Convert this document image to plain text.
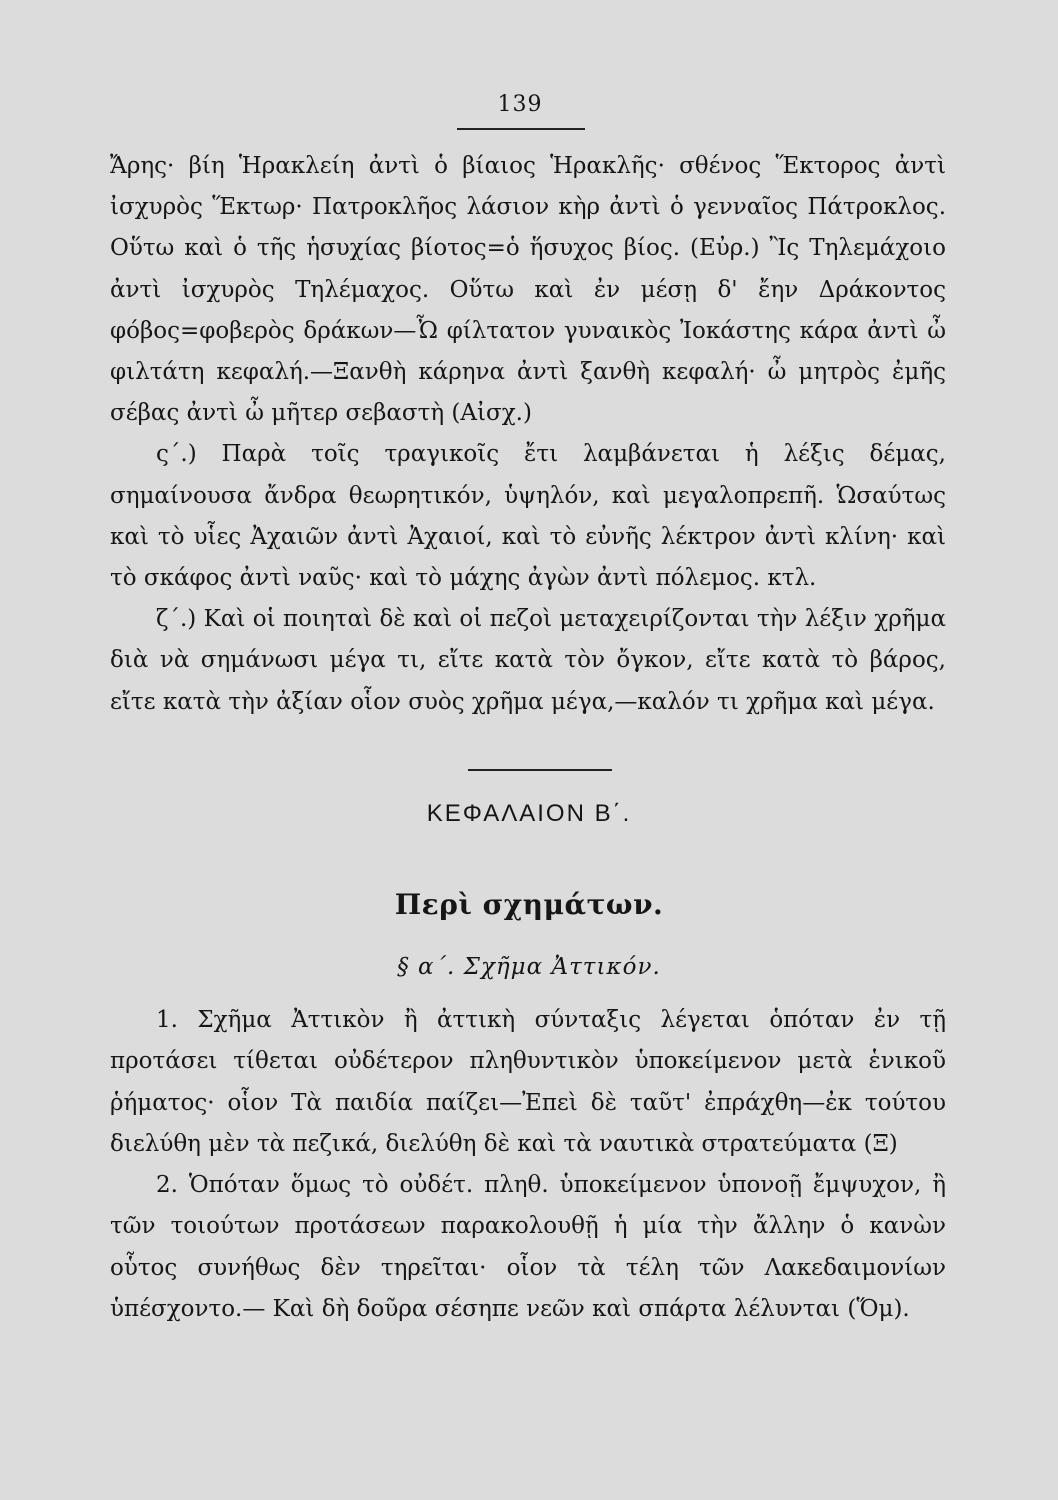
139

Ἄρης· βίη Ἡρακλείη ἀντὶ ὁ βίαιος Ἡρακλῆς· σθένος Ἕκτορος ἀντὶ ἰσχυρὸς Ἕκτωρ· Πατροκλῆος λάσιον κὴρ ἀντὶ ὁ γενναῖος Πάτροκλος. Οὕτω καὶ ὁ τῆς ἡσυχίας βίοτος=ὁ ἥσυχος βίος. (Εὐρ.) Ἲς Τηλεμάχοιο ἀντὶ ἰσχυρὸς Τηλέμαχος. Οὕτω καὶ ἐν μέσῃ δ' ἔην Δράκοντος φόβος=φοβερὸς δράκων—Ὦ φίλτατον γυναικὸς Ἰοκάστης κάρα ἀντὶ ὦ φιλτάτη κεφαλή.—Ξανθὴ κάρηνα ἀντὶ ξανθὴ κεφαλή· ὦ μητρὸς ἐμῆς σέβας ἀντὶ ὦ μῆτερ σεβαστὴ (Αἰσχ.)

ς΄.) Παρὰ τοῖς τραγικοῖς ἔτι λαμβάνεται ἡ λέξις δέμας, σημαίνουσα ἄνδρα θεωρητικόν, ὑψηλόν, καὶ μεγαλοπρεπῆ. Ὡσαύτως καὶ τὸ υἷες Ἀχαιῶν ἀντὶ Ἀχαιοί, καὶ τὸ εὐνῆς λέκτρον ἀντὶ κλίνη· καὶ τὸ σκάφος ἀντὶ ναῦς· καὶ τὸ μάχης ἀγὼν ἀντὶ πόλεμος. κτλ.

ζ΄.) Καὶ οἱ ποιηταὶ δὲ καὶ οἱ πεζοὶ μεταχειρίζονται τὴν λέξιν χρῆμα διὰ νὰ σημάνωσι μέγα τι, εἴτε κατὰ τὸν ὄγκον, εἴτε κατὰ τὸ βάρος, εἴτε κατὰ τὴν ἀξίαν οἷον συὸς χρῆμα μέγα,—καλόν τι χρῆμα καὶ μέγα.

ΚΕΦΑΛΑΙΟΝ Β΄.
Περὶ σχημάτων.
§ α΄. Σχῆμα Ἀττικόν.

1. Σχῆμα Ἀττικὸν ἢ ἀττικὴ σύνταξις λέγεται ὁπόταν ἐν τῇ προτάσει τίθεται οὐδέτερον πληθυντικὸν ὑποκείμενον μετὰ ἑνικοῦ ῥήματος· οἷον Τὰ παιδία παίζει—Ἐπεὶ δὲ ταῦτ' ἐπράχθη—ἐκ τούτου διελύθη μὲν τὰ πεζικά, διελύθη δὲ καὶ τὰ ναυτικὰ στρατεύματα (Ξ)

2. Ὁπόταν ὅμως τὸ οὐδέτ. πληθ. ὑποκείμενον ὑπονοῇ ἔμψυχον, ἢ τῶν τοιούτων προτάσεων παρακολουθῇ ἡ μία τὴν ἄλλην ὁ κανὼν οὗτος συνήθως δὲν τηρεῖται· οἷον τὰ τέλη τῶν Λακεδαιμονίων ὑπέσχοντο.— Καὶ δὴ δοῦρα σέσηπε νεῶν καὶ σπάρτα λέλυνται (Ὅμ).
